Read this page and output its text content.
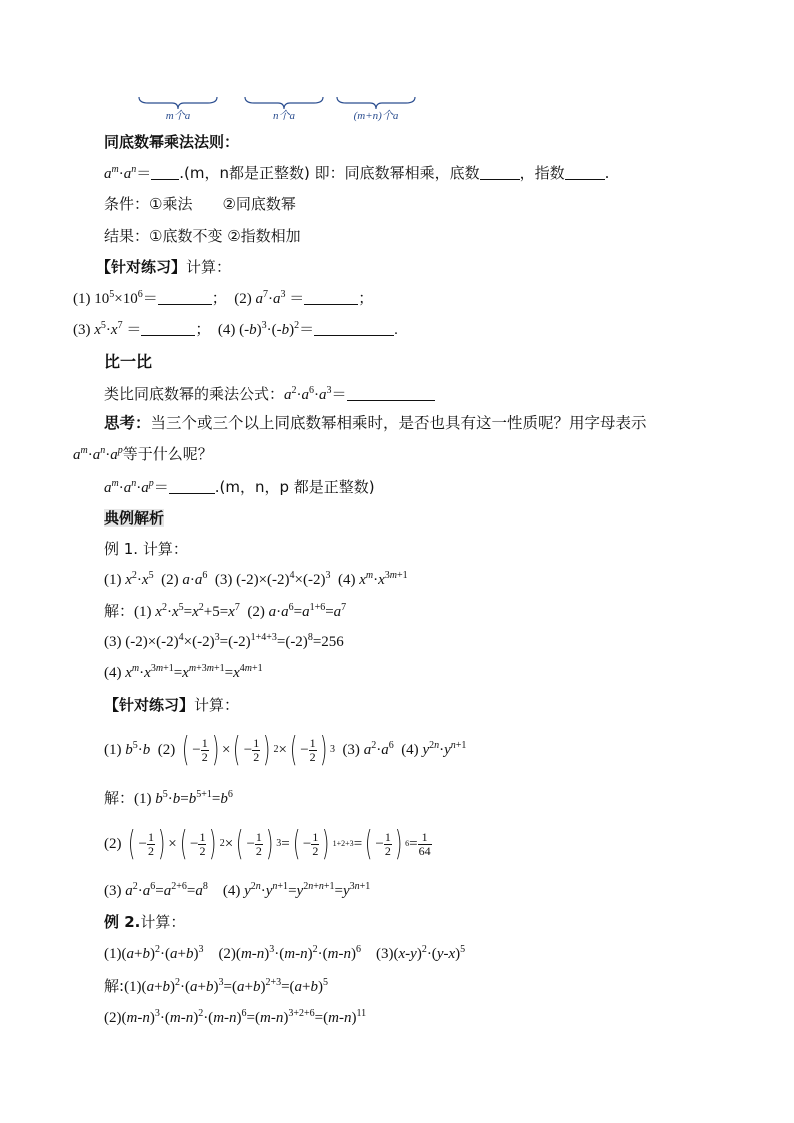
m个a	n个a	(m+n)个a
同底数幂乘法法则：
$a^m\cdot a^n= .(m$，n都是正整数) 即：同底数幂相乘，底数	，指数	.
条件：①乘法　　②同底数幂
结果：①底数不变 ②指数相加
【针对练习】计算：
(1) $10^5\times 10^6=$	；　(2) $a^7\cdot a^3$ ＝	；
(3) $x^5\cdot x^7$ ＝	；　(4) $(-b)^3\cdot(-b)^2=$	.
比一比
类比同底数幂的乘法公式：$a^2\cdot a^6\cdot a^3=$
思考：当三个或三个以上同底数幂相乘时，是否也具有这一性质呢？用字母表示
$a^m\cdot a^n\cdot a^p$等于什么呢？
$a^m\cdot a^n\cdot a^p=$	.(m，n，p 都是正整数)
典例解析
例 1. 计算：
(1) $x^2\cdot x^5$  (2) $a\cdot a^6$  (3) $(-2)\times(-2)^4\times(-2)^3$  (4) $x^m\cdot x^{3m+1}$
解：(1) $x^2\cdot x^5=x^2+5=x^7$  (2) $a\cdot a^6=a^{1+6}=a^7$
(3) $(-2)\times(-2)^4\times(-2)^3=(-2)^{1+4+3}=(-2)^8=256$
(4) $x^m\cdot x^{3m+1}=x^{m+3m+1}=x^{4m+1}$
【针对练习】计算：
(1) $b^5\cdot b$  (2) ( − $\frac{1}{2}$ ) × ( − $\frac{1}{2}$ ) 2 × ( − $\frac{1}{2}$ ) 3 (3) $a^2\cdot a^6$  (4) $y^{2n}\cdot y^{n+1}$
解：(1) $b^5\cdot b=b^{5+1}=b^6$
(2) ( − $\frac{1}{2}$ ) × ( − $\frac{1}{2}$ ) 2 × ( − $\frac{1}{2}$ ) 3 = ( − $\frac{1}{2}$ ) 1+2+3 = ( − $\frac{1}{2}$ ) $6 = \frac{1}{64}$
(3) $a^2\cdot a^6=a^{2+6}=a^8$    (4) $y^{2n}\cdot y^{n+1}=y^{2n+n+1}=y^{3n+1}$
例 2.计算：
$(1)(a+b)^2\cdot(a+b)^3$    $(2)(m-n)^3\cdot(m-n)^2\cdot(m-n)^6$    $(3)(x-y)^2\cdot(y-x)^5$
解$:(1)(a+b)^2\cdot(a+b)^3=(a+b)^{2+3}=(a+b)^5$
$(2)(m-n)^3\cdot(m-n)^2\cdot(m-n)^6=(m-n)^{3+2+6}=(m-n)^{11}$
